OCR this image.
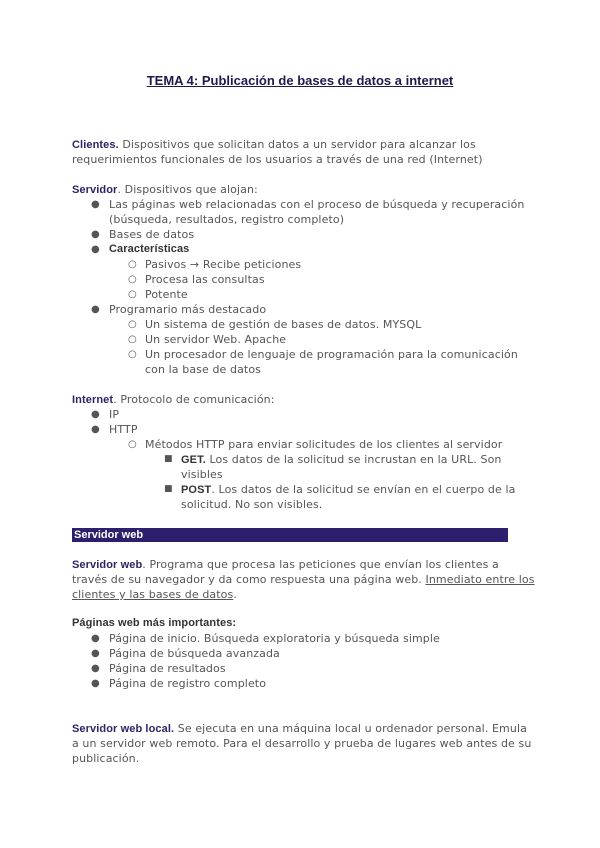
TEMA 4: Publicación de bases de datos a internet
Clientes. Dispositivos que solicitan datos a un servidor para alcanzar los
requerimientos funcionales de los usuarios a través de una red (Internet)
Servidor. Dispositivos que alojan:
● Las páginas web relacionadas con el proceso de búsqueda y recuperación
(búsqueda, resultados, registro completo)
● Bases de datos
● Características
○ Pasivos → Recibe peticiones
○ Procesa las consultas
○ Potente
● Programario más destacado
○ Un sistema de gestión de bases de datos. MYSQL
○ Un servidor Web. Apache
○ Un procesador de lenguaje de programación para la comunicación
con la base de datos
Internet. Protocolo de comunicación:
● IP
● HTTP
○ Métodos HTTP para enviar solicitudes de los clientes al servidor
■ GET. Los datos de la solicitud se incrustan en la URL. Son
visibles
■ POST. Los datos de la solicitud se envían en el cuerpo de la
solicitud. No son visibles.
Servidor web
Servidor web. Programa que procesa las peticiones que envían los clientes a
través de su navegador y da como respuesta una página web. Inmediato entre los
clientes y las bases de datos.
Páginas web más importantes:
● Página de inicio. Búsqueda exploratoria y búsqueda simple
● Página de búsqueda avanzada
● Página de resultados
● Página de registro completo
Servidor web local. Se ejecuta en una máquina local u ordenador personal. Emula
a un servidor web remoto. Para el desarrollo y prueba de lugares web antes de su
publicación.
